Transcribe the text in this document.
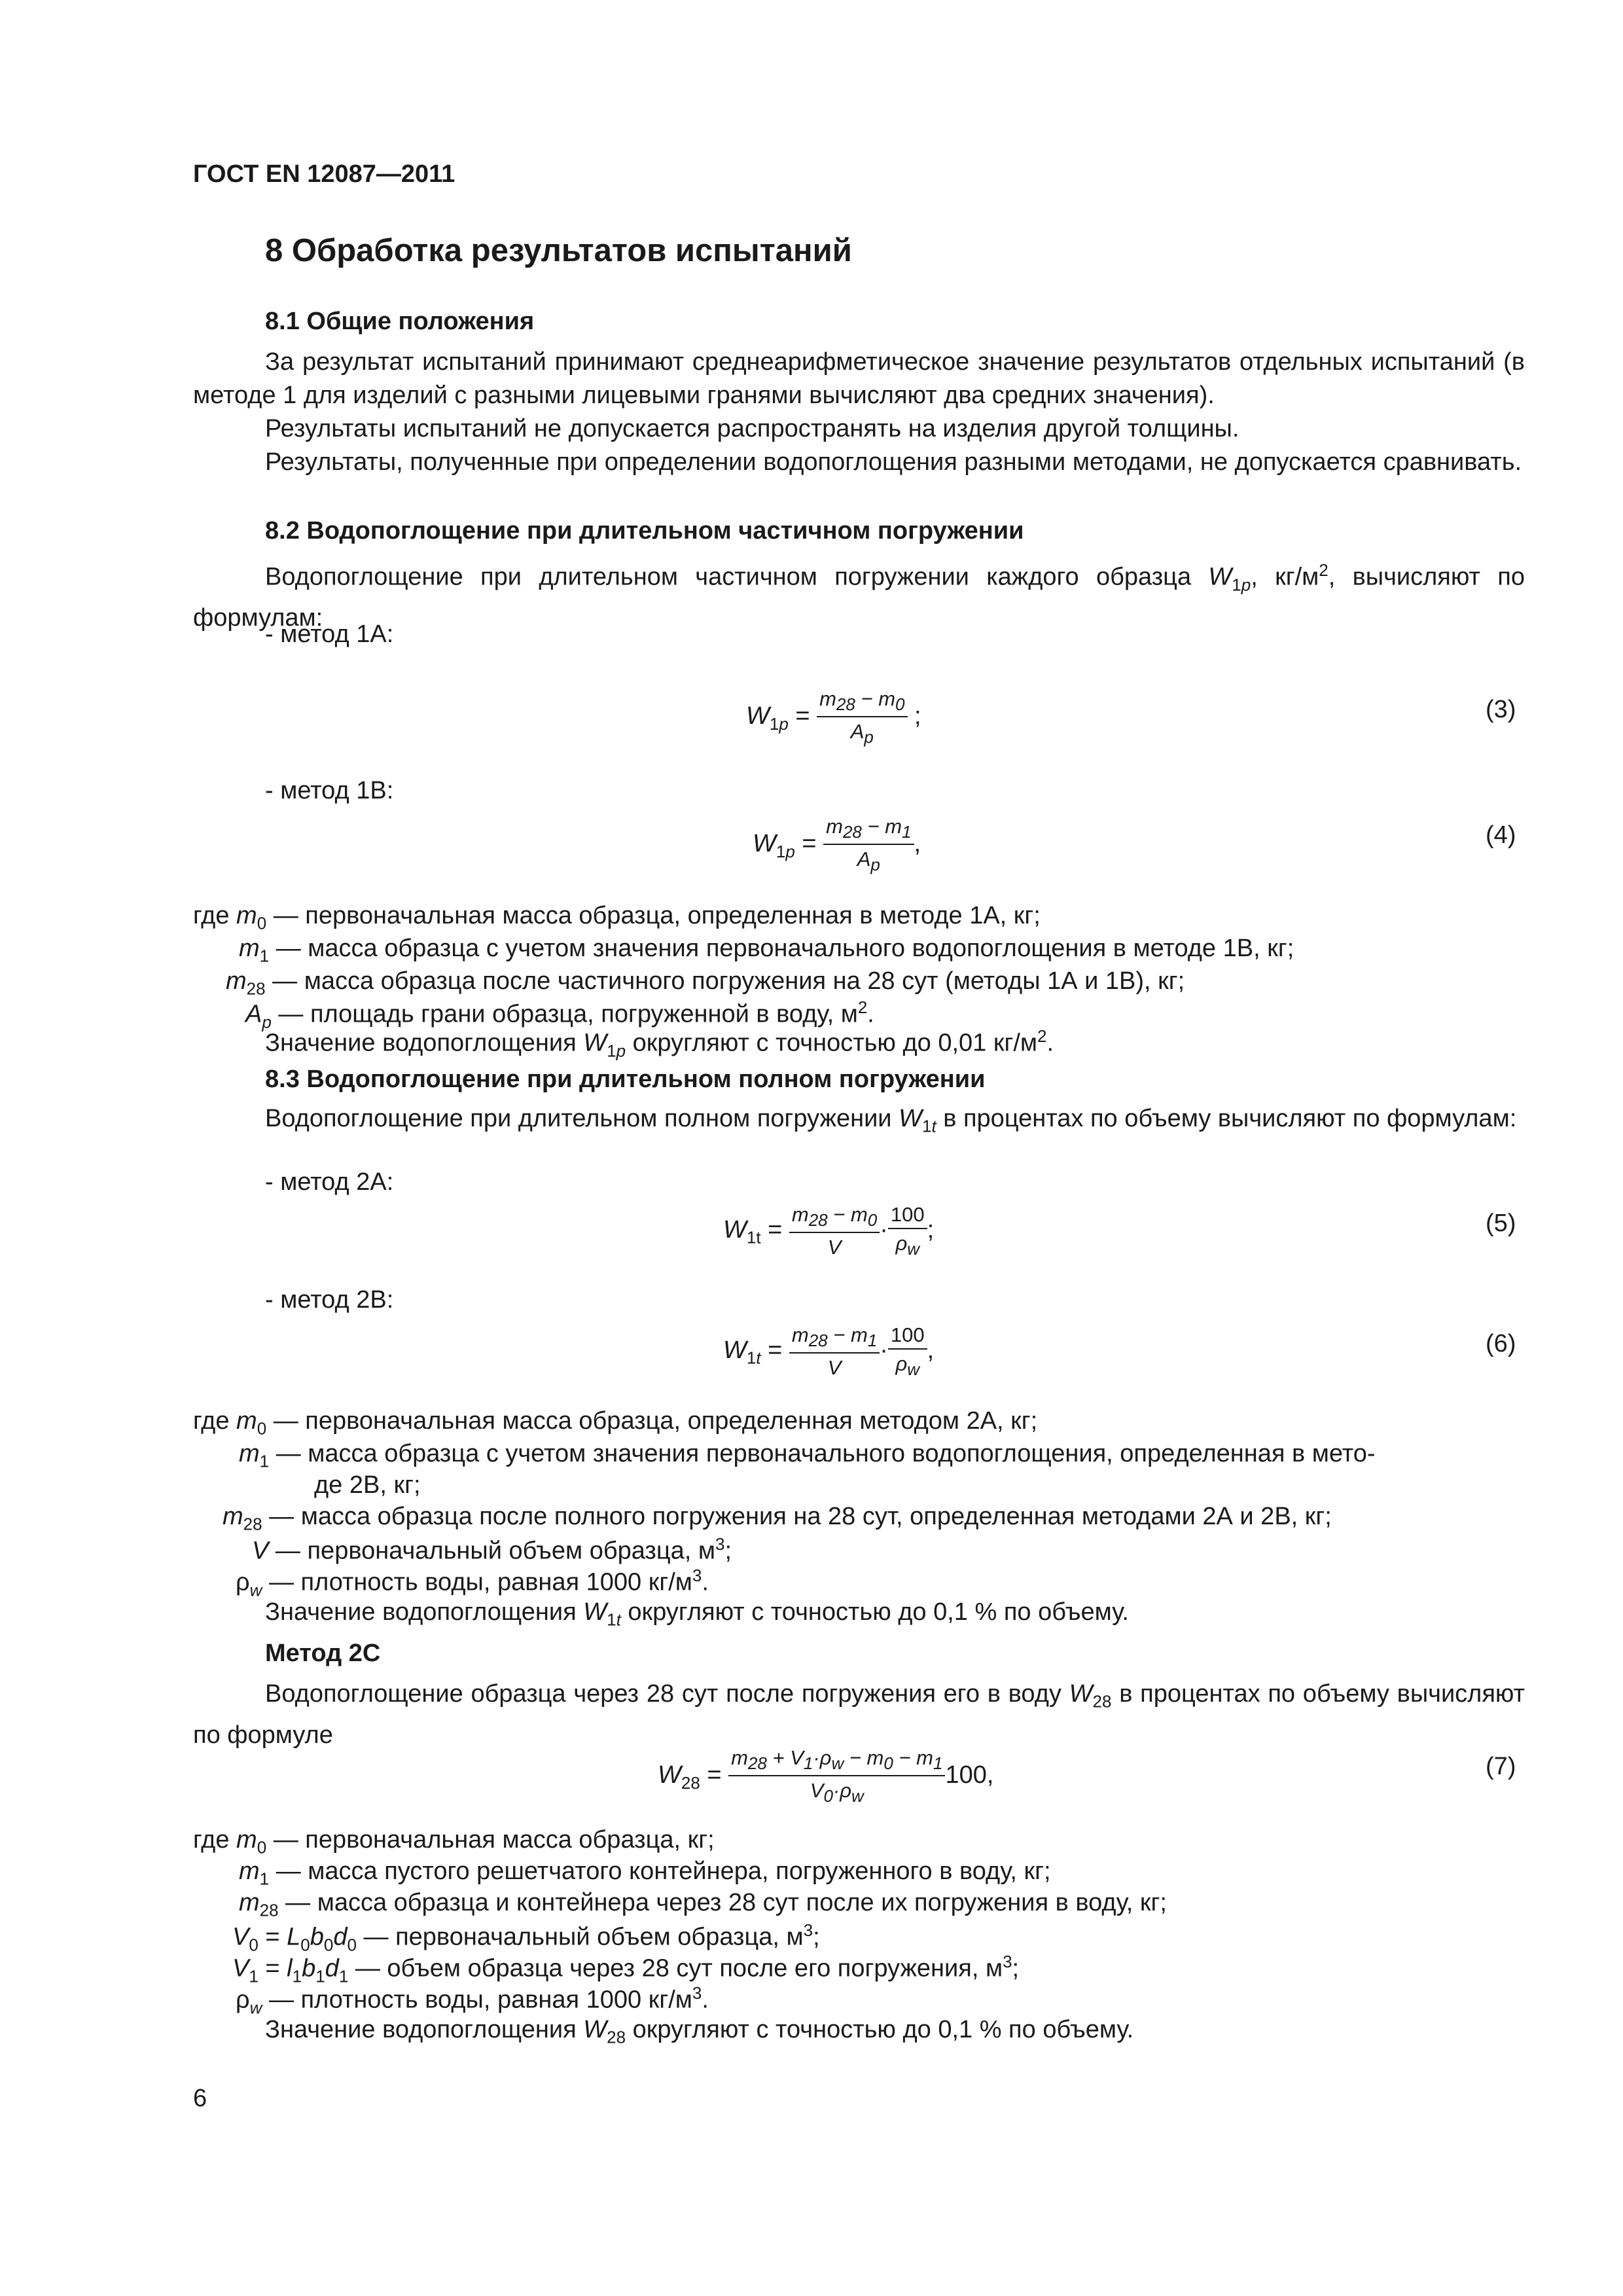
ГОСТ EN 12087—2011
8 Обработка результатов испытаний
8.1 Общие положения
За результат испытаний принимают среднеарифметическое значение результатов отдельных испытаний (в методе 1 для изделий с разными лицевыми гранями вычисляют два средних значения).
Результаты испытаний не допускается распространять на изделия другой толщины.
Результаты, полученные при определении водопоглощения разными методами, не допускается сравнивать.
8.2 Водопоглощение при длительном частичном погружении
Водопоглощение при длительном частичном погружении каждого образца $W_{1p}$, $кг/м^2$, вычисляют по формулам:
- метод 1А:
$W_{1p} = \frac{m_{28} - m_0}{A_p}$ ;	(3)
- метод 1В:
$W_{1p} = \frac{m_{28} - m_1}{A_p}$ ,	(4)
где $m_0$ — первоначальная масса образца, определенная в методе 1А, кг;
$m_1$ — масса образца с учетом значения первоначального водопоглощения в методе 1В, кг;
$m_{28}$ — масса образца после частичного погружения на 28 сут (методы 1А и 1В), кг;
$A_p$ — площадь грани образца, погруженной в воду, $м^2$.
Значение водопоглощения $W_{1p}$ округляют с точностью до 0,01 $кг/м^2$.
8.3 Водопоглощение при длительном полном погружении
Водопоглощение при длительном полном погружении $W_{1t}$ в процентах по объему вычисляют по формулам:
- метод 2А:
$W_{1t} = \frac{m_{28} - m_0}{V} \cdot \frac{100}{\rho_w}$ ;	(5)
- метод 2В:
$W_{1t} = \frac{m_{28} - m_1}{V} \cdot \frac{100}{\rho_w}$ ,	(6)
где $m_0$ — первоначальная масса образца, определенная методом 2А, кг;
$m_1$ — масса образца с учетом значения первоначального водопоглощения, определенная в мето-
де 2В, кг;
$m_{28}$ — масса образца после полного погружения на 28 сут, определенная методами 2А и 2В, кг;
V — первоначальный объем образца, $м^3$;
$\rho_w$ — плотность воды, равная 1000 $кг/м^3$.
Значение водопоглощения $W_{1t}$ округляют с точностью до 0,1 % по объему.
Метод 2С
Водопоглощение образца через 28 сут после погружения его в воду $W_{28}$ в процентах по объему вычисляют по формуле
$W_{28} = \frac{m_{28} + V_1\cdot\rho_w - m_0 - m_1}{V_0\cdot\rho_w} 100$,	(7)
где $m_0$ — первоначальная масса образца, кг;
$m_1$ — масса пустого решетчатого контейнера, погруженного в воду, кг;
$m_{28}$ — масса образца и контейнера через 28 сут после их погружения в воду, кг;
$V_0 = L_0b_0d_0$ — первоначальный объем образца, $м^3$;
$V_1 = l_1b_1d_1$ — объем образца через 28 сут после его погружения, $м^3$;
$\rho_w$ — плотность воды, равная 1000 $кг/м^3$.
Значение водопоглощения $W_{28}$ округляют с точностью до 0,1 % по объему.
6
